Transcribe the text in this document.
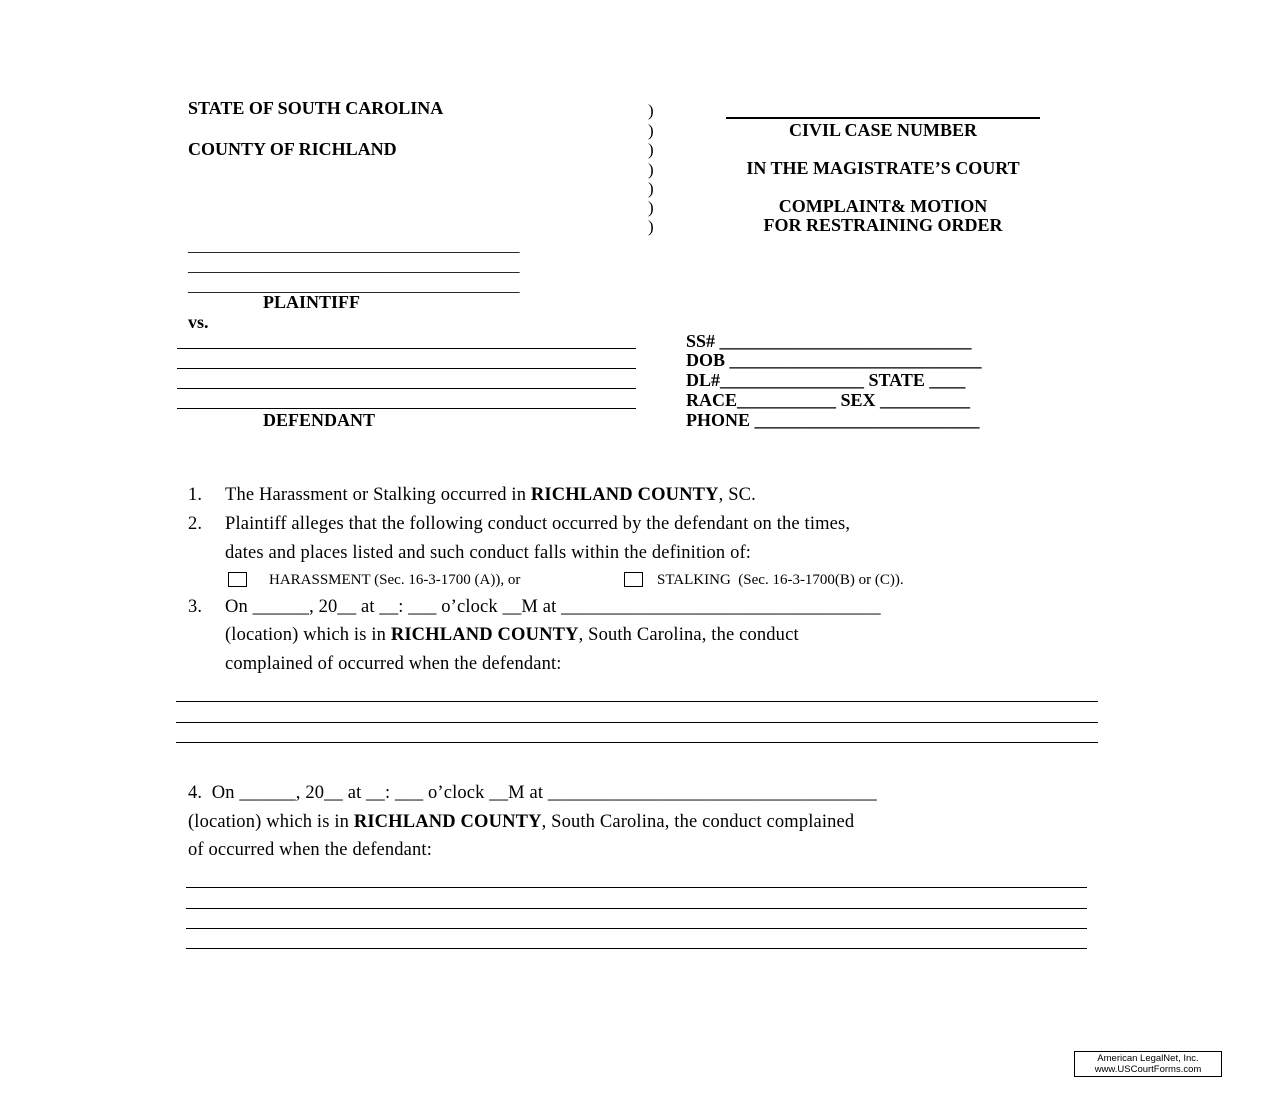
STATE OF SOUTH CAROLINA
COUNTY OF RICHLAND
)
)
)
)
)
)
)
CIVIL CASE NUMBER
IN THE MAGISTRATE’S COURT
COMPLAINT& MOTION
FOR RESTRAINING ORDER
_______________________________________
_______________________________________
_______________________________________
PLAINTIFF
vs.
DEFENDANT
SS# ____________________________
DOB ____________________________
DL#________________ STATE ____
RACE___________ SEX __________
PHONE _________________________
1. The Harassment or Stalking occurred in RICHLAND COUNTY, SC.
2. Plaintiff alleges that the following conduct occurred by the defendant on the times,
dates and places listed and such conduct falls within the definition of:
HARASSMENT (Sec. 16-3-1700 (A)), or	STALKING  (Sec. 16-3-1700(B) or (C)).
3. On ______, 20__ at __: ___ o’clock __M at __________________________________
(location) which is in RICHLAND COUNTY, South Carolina, the conduct
complained of occurred when the defendant:
4.  On ______, 20__ at __: ___ o’clock __M at ___________________________________
(location) which is in RICHLAND COUNTY, South Carolina, the conduct complained
of occurred when the defendant:
American LegalNet, Inc.
www.USCourtForms.com
